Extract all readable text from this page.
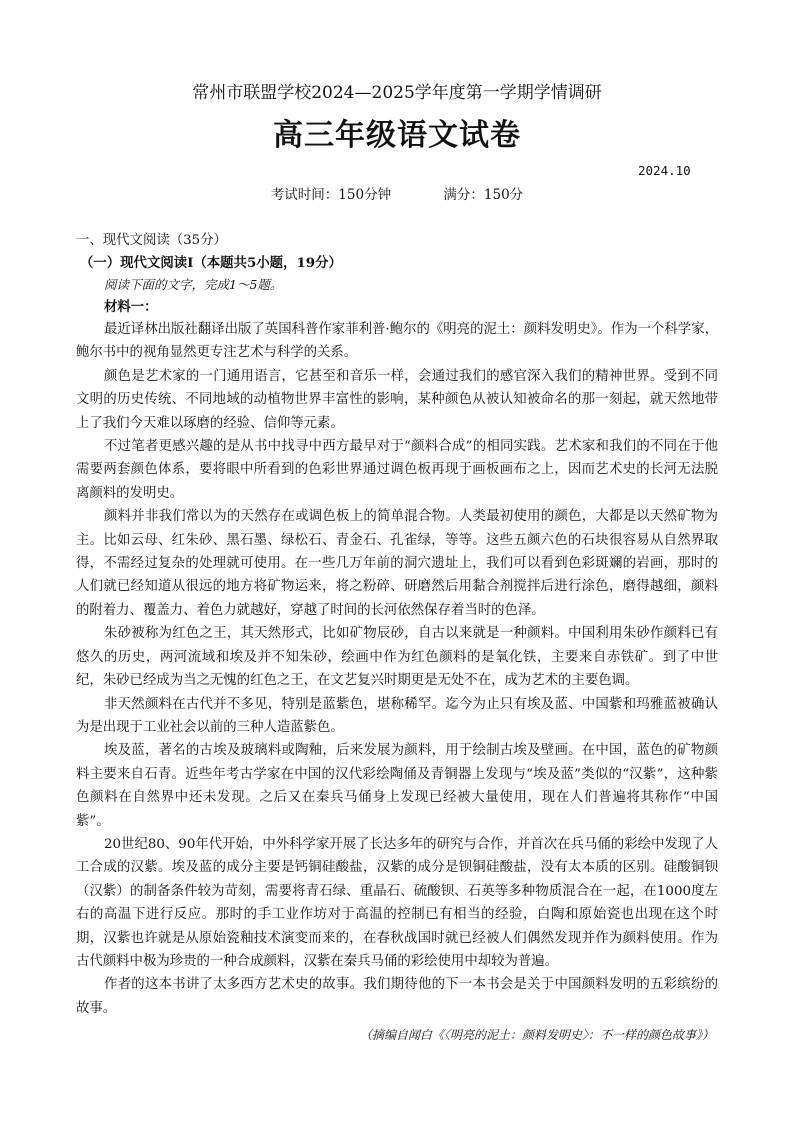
常州市联盟学校2024—2025学年度第一学期学情调研
高三年级语文试卷
2024.10
考试时间：150分钟	满分：150分
一、现代文阅读（35分）
（一）现代文阅读Ⅰ（本题共5小题，19分）
阅读下面的文字，完成1～5题。
材料一：

最近译林出版社翻译出版了英国科普作家菲利普·鲍尔的《明亮的泥土：颜料发明史》。作为一个科学家，鲍尔书中的视角显然更专注艺术与科学的关系。

颜色是艺术家的一门通用语言，它甚至和音乐一样，会通过我们的感官深入我们的精神世界。受到不同文明的历史传统、不同地域的动植物世界丰富性的影响，某种颜色从被认知被命名的那一刻起，就天然地带上了我们今天难以琢磨的经验、信仰等元素。

不过笔者更感兴趣的是从书中找寻中西方最早对于“颜料合成”的相同实践。艺术家和我们的不同在于他需要两套颜色体系，要将眼中所看到的色彩世界通过调色板再现于画板画布之上，因而艺术史的长河无法脱离颜料的发明史。

颜料并非我们常以为的天然存在或调色板上的简单混合物。人类最初使用的颜色，大都是以天然矿物为主。比如云母、红朱砂、黑石墨、绿松石、青金石、孔雀绿，等等。这些五颜六色的石块很容易从自然界取得，不需经过复杂的处理就可使用。在一些几万年前的洞穴遗址上，我们可以看到色彩斑斓的岩画，那时的人们就已经知道从很远的地方将矿物运来，将之粉碎、研磨然后用黏合剂搅拌后进行涂色，磨得越细，颜料的附着力、覆盖力、着色力就越好，穿越了时间的长河依然保存着当时的色泽。

朱砂被称为红色之王，其天然形式，比如矿物辰砂，自古以来就是一种颜料。中国利用朱砂作颜料已有悠久的历史，两河流域和埃及并不知朱砂，绘画中作为红色颜料的是氧化铁，主要来自赤铁矿。到了中世纪，朱砂已经成为当之无愧的红色之王，在文艺复兴时期更是无处不在，成为艺术的主要色调。

非天然颜料在古代并不多见，特别是蓝紫色，堪称稀罕。迄今为止只有埃及蓝、中国紫和玛雅蓝被确认为是出现于工业社会以前的三种人造蓝紫色。

埃及蓝，著名的古埃及玻璃料或陶釉，后来发展为颜料，用于绘制古埃及壁画。在中国，蓝色的矿物颜料主要来自石青。近些年考古学家在中国的汉代彩绘陶俑及青铜器上发现与“埃及蓝”类似的“汉紫”，这种紫色颜料在自然界中还未发现。之后又在秦兵马俑身上发现已经被大量使用，现在人们普遍将其称作“中国紫”。

20世纪80、90年代开始，中外科学家开展了长达多年的研究与合作，并首次在兵马俑的彩绘中发现了人工合成的汉紫。埃及蓝的成分主要是钙铜硅酸盐，汉紫的成分是钡铜硅酸盐，没有太本质的区别。硅酸铜钡（汉紫）的制备条件较为苛刻，需要将青石绿、重晶石、硫酸钡、石英等多种物质混合在一起，在1000度左右的高温下进行反应。那时的手工业作坊对于高温的控制已有相当的经验，白陶和原始瓷也出现在这个时期，汉紫也许就是从原始瓷釉技术演变而来的，在春秋战国时就已经被人们偶然发现并作为颜料使用。作为古代颜料中极为珍贵的一种合成颜料，汉紫在秦兵马俑的彩绘使用中却较为普遍。

作者的这本书讲了太多西方艺术史的故事。我们期待他的下一本书会是关于中国颜料发明的五彩缤纷的故事。

（摘编自闻白《〈明亮的泥土：颜料发明史〉：不一样的颜色故事》）
